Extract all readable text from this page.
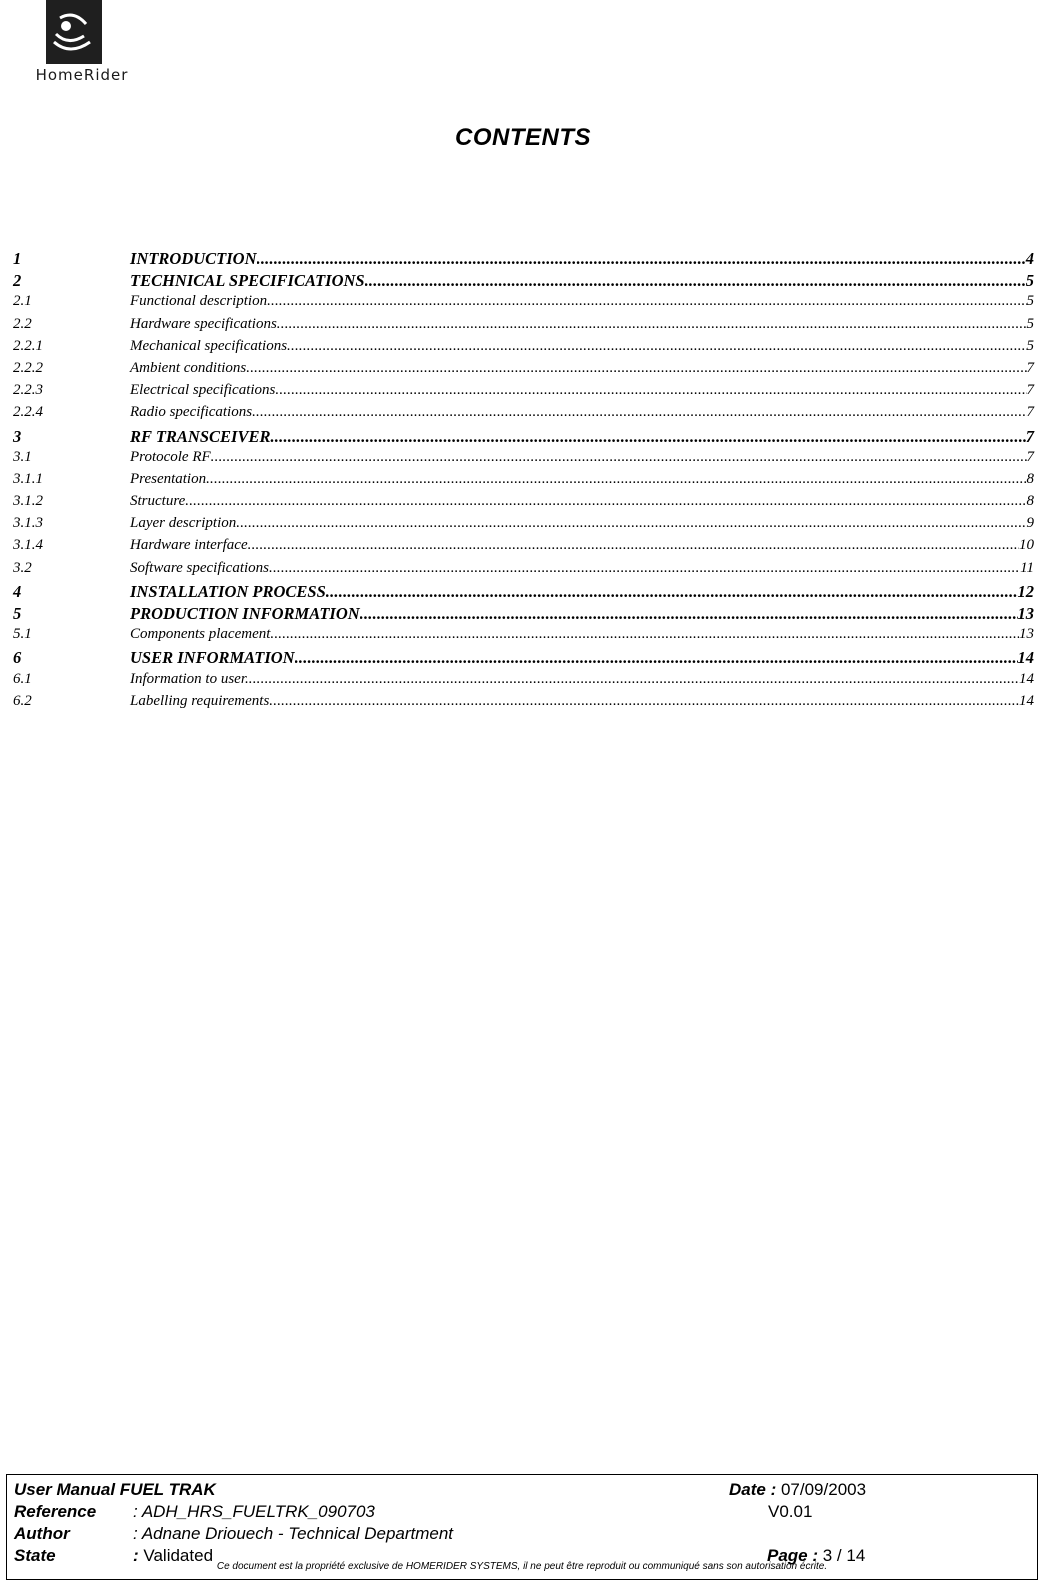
HomeRider
CONTENTS
1	INTRODUCTION .....	4
2	TECHNICAL SPECIFICATIONS .....	5
2.1	Functional description .....	5
2.2	Hardware specifications .....	5
2.2.1	Mechanical specifications .....	5
2.2.2	Ambient conditions .....	7
2.2.3	Electrical specifications .....	7
2.2.4	Radio specifications .....	7
3	RF TRANSCEIVER .....	7
3.1	Protocole RF .....	7
3.1.1	Presentation .....	8
3.1.2	Structure .....	8
3.1.3	Layer description .....	9
3.1.4	Hardware interface .....	10
3.2	Software specifications .....	11
4	INSTALLATION PROCESS .....	12
5	PRODUCTION INFORMATION .....	13
5.1	Components placement .....	13
6	USER INFORMATION .....	14
6.1	Information to user. .....	14
6.2	Labelling requirements .....	14
User Manual FUEL TRAK	Date : 07/09/2003
Reference : ADH_HRS_FUELTRK_090703	V0.01
Author	: Adnane Driouech - Technical Department
State	: Validated	Page : 3 / 14
Ce document est la propriété exclusive de HOMERIDER SYSTEMS, il ne peut être reproduit ou communiqué sans son autorisation écrite.
